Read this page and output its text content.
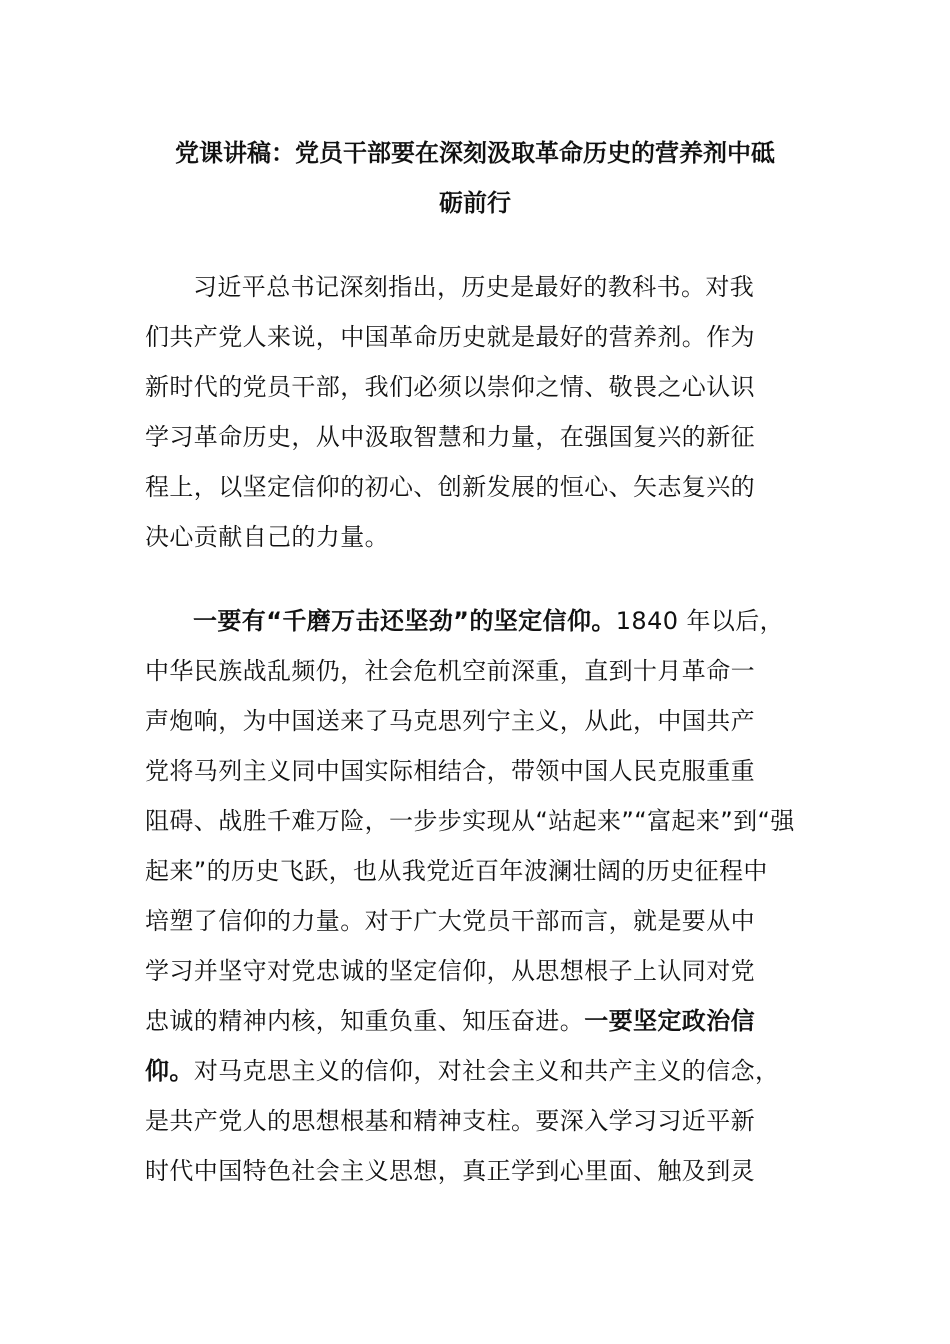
党课讲稿：党员干部要在深刻汲取革命历史的营养剂中砥
砺前行

习近平总书记深刻指出，历史是最好的教科书。对我
们共产党人来说，中国革命历史就是最好的营养剂。作为
新时代的党员干部，我们必须以崇仰之情、敬畏之心认识
学习革命历史，从中汲取智慧和力量，在强国复兴的新征
程上，以坚定信仰的初心、创新发展的恒心、矢志复兴的
决心贡献自己的力量。

一要有“千磨万击还坚劲”的坚定信仰。1840 年以后，
中华民族战乱频仍，社会危机空前深重，直到十月革命一
声炮响，为中国送来了马克思列宁主义，从此，中国共产
党将马列主义同中国实际相结合，带领中国人民克服重重
阻碍、战胜千难万险，一步步实现从“站起来”“富起来”到“强
起来”的历史飞跃，也从我党近百年波澜壮阔的历史征程中
培塑了信仰的力量。对于广大党员干部而言，就是要从中
学习并坚守对党忠诚的坚定信仰，从思想根子上认同对党
忠诚的精神内核，知重负重、知压奋进。一要坚定政治信
仰。对马克思主义的信仰，对社会主义和共产主义的信念，
是共产党人的思想根基和精神支柱。要深入学习习近平新
时代中国特色社会主义思想，真正学到心里面、触及到灵
